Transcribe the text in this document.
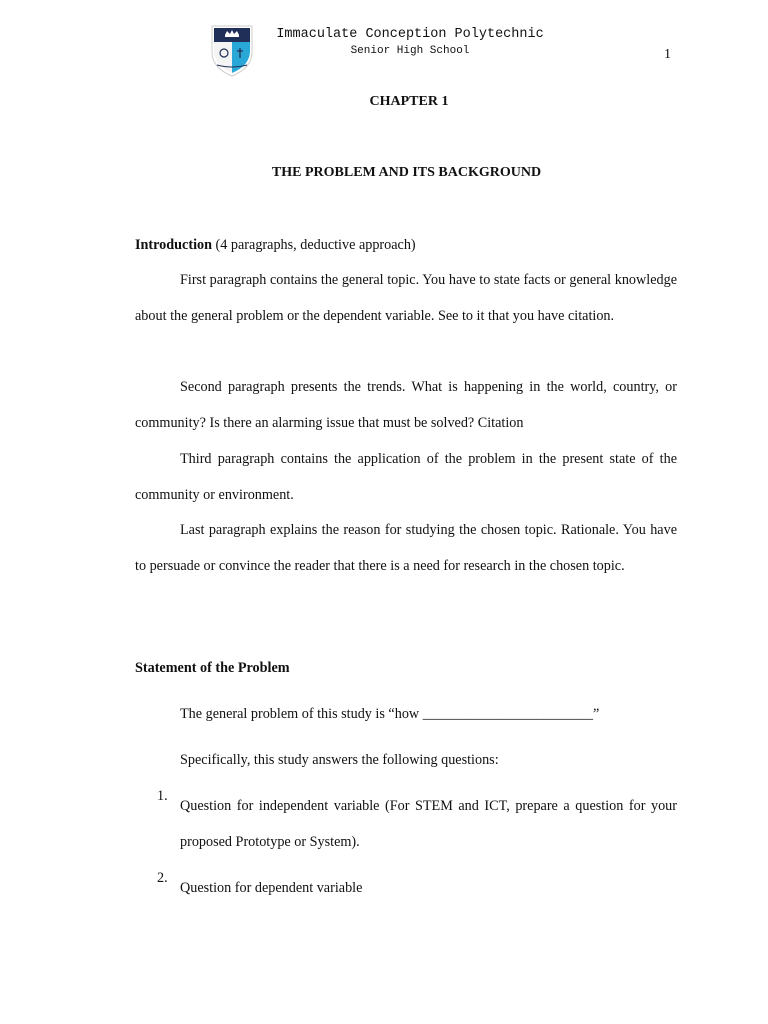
Immaculate Conception Polytechnic
Senior High School	1
CHAPTER 1
THE PROBLEM AND ITS BACKGROUND
Introduction (4 paragraphs, deductive approach)

First paragraph contains the general topic. You have to state facts or general knowledge about the general problem or the dependent variable. See to it that you have citation.

Second paragraph presents the trends. What is happening in the world, country, or community? Is there an alarming issue that must be solved? Citation

Third paragraph contains the application of the problem in the present state of the community or environment.

Last paragraph explains the reason for studying the chosen topic. Rationale. You have to persuade or convince the reader that there is a need for research in the chosen topic.

Statement of the Problem
The general problem of this study is “how ________________________”
Specifically, this study answers the following questions:
1.
Question for independent variable (For STEM and ICT, prepare a question for your proposed Prototype or System).
2.
Question for dependent variable
